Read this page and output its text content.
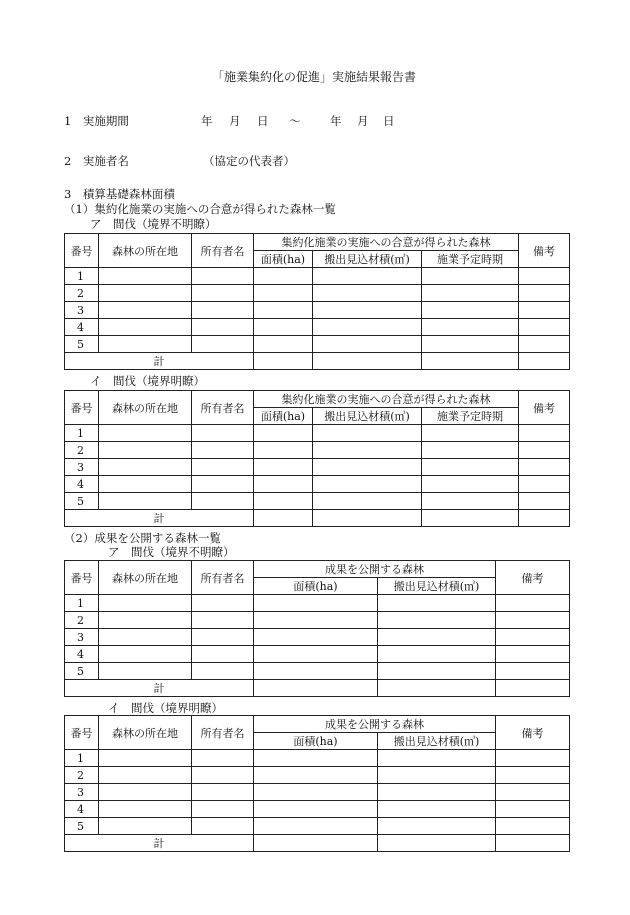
「施業集約化の促進」実施結果報告書
1　実施期間	年 月 日 ～	年 月 日
2　実施者名	（協定の代表者）
3　積算基礎森林面積
（1）集約化施業の実施への合意が得られた森林一覧
ア　間伐（境界不明瞭）
番号	森林の所在地	所有者名	集約化施業の実施への合意が得られた森林			備考
			面積(ha)	搬出見込材積(㎥)	施業予定時期	
1						
2						
3						
4						
5						
計						
イ　間伐（境界明瞭）
番号	森林の所在地	所有者名	集約化施業の実施への合意が得られた森林			備考
			面積(ha)	搬出見込材積(㎥)	施業予定時期	
1						
2						
3						
4						
5						
計						
（2）成果を公開する森林一覧
ア　間伐（境界不明瞭）
番号	森林の所在地	所有者名	成果を公開する森林		備考
			面積(ha)	搬出見込材積(㎥)	
1					
2					
3					
4					
5					
計					
イ　間伐（境界明瞭）
番号	森林の所在地	所有者名	成果を公開する森林		備考
			面積(ha)	搬出見込材積(㎥)	
1					
2					
3					
4					
5					
計					
